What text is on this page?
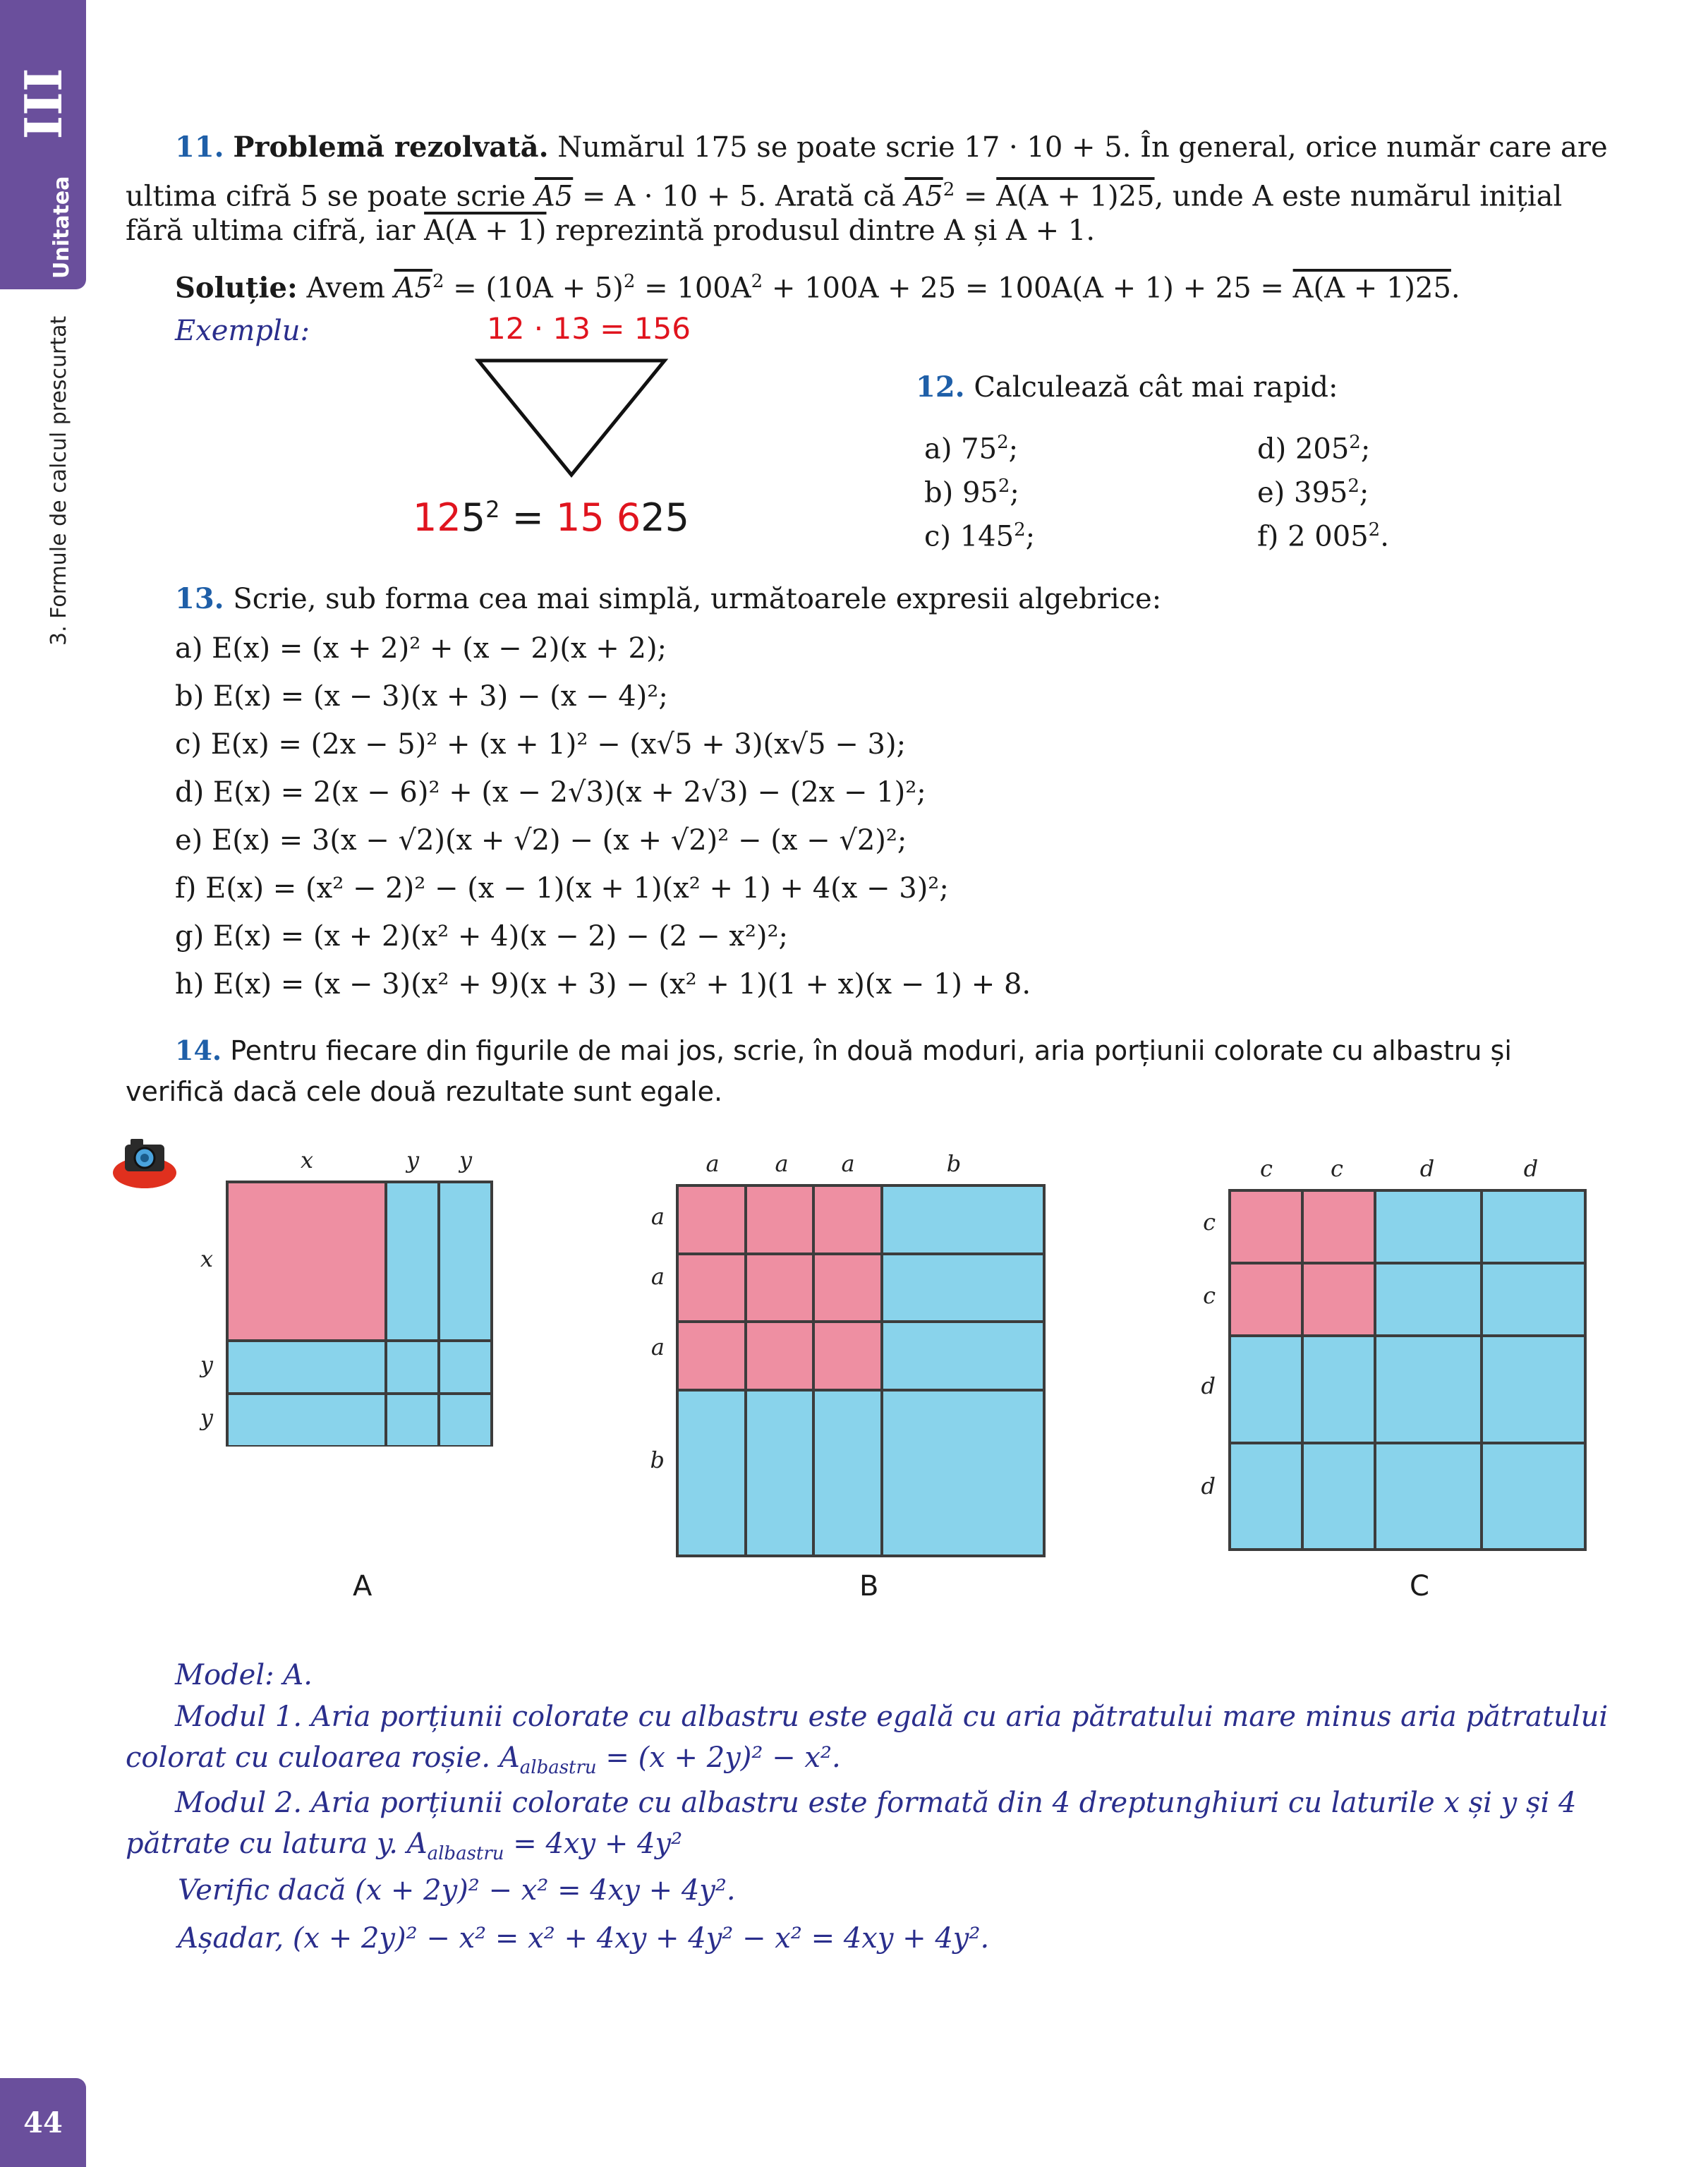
III
Unitatea
3. Formule de calcul prescurtat
44
11. Problemă rezolvată. Numărul 175 se poate scrie 17 · 10 + 5. În general, orice număr care are
ultima cifră 5 se poate scrie A5 = A · 10 + 5. Arată că $A5^2 = A(A + 1)25$, unde A este numărul inițial
fără ultima cifră, iar A(A + 1) reprezintă produsul dintre A și A + 1.
Soluție: Avem $A5^2 = (10A + 5)^2 = 100A^2 + 100A + 25 = 100A(A + 1) + 25 = A(A + 1)25$.
Exemplu:	12 · 13 = 156
$125^2 = 15$ 625
12. Calculează cât mai rapid:
a) $75^2$;
b) $95^2$;
c) $145^2$;
d) $205^2$;
e) $395^2$;
f) 2 $005^2$.
13. Scrie, sub forma cea mai simplă, următoarele expresii algebrice:
a) E(x) = (x + 2)² + (x − 2)(x + 2);
b) E(x) = (x − 3)(x + 3) − (x − 4)²;
c) E(x) = (2x − 5)² + (x + 1)² − (x√5 + 3)(x√5 − 3);
d) E(x) = 2(x − 6)² + (x − 2√3)(x + 2√3) − (2x − 1)²;
e) E(x) = 3(x − √2)(x + √2) − (x + √2)² − (x − √2)²;
f) E(x) = (x² − 2)² − (x − 1)(x + 1)(x² + 1) + 4(x − 3)²;
g) E(x) = (x + 2)(x² + 4)(x − 2) − (2 − x²)²;
h) E(x) = (x − 3)(x² + 9)(x + 3) − (x² + 1)(1 + x)(x − 1) + 8.
14. Pentru fiecare din figurile de mai jos, scrie, în două moduri, aria porțiunii colorate cu albastru și
verifică dacă cele două rezultate sunt egale.
x	y y
x
y
y
A
a a a	b
a
a
a
b
B
c	c	d	d
c
c
d
d
C
Model: A.
Modul 1. Aria porțiunii colorate cu albastru este egală cu aria pătratului mare minus aria pătratului
colorat cu culoarea roșie. $A_{albastru} = (x + 2y)^2 - x^2$.
Modul 2. Aria porțiunii colorate cu albastru este formată din 4 dreptunghiuri cu laturile x și y și 4
pătrate cu latura y. $A_{albastru} = 4xy + 4y^2$
Verific dacă (x + 2y)² − x² = 4xy + 4y².
Așadar, (x + 2y)² − x² = x² + 4xy + 4y² − x² = 4xy + 4y².
